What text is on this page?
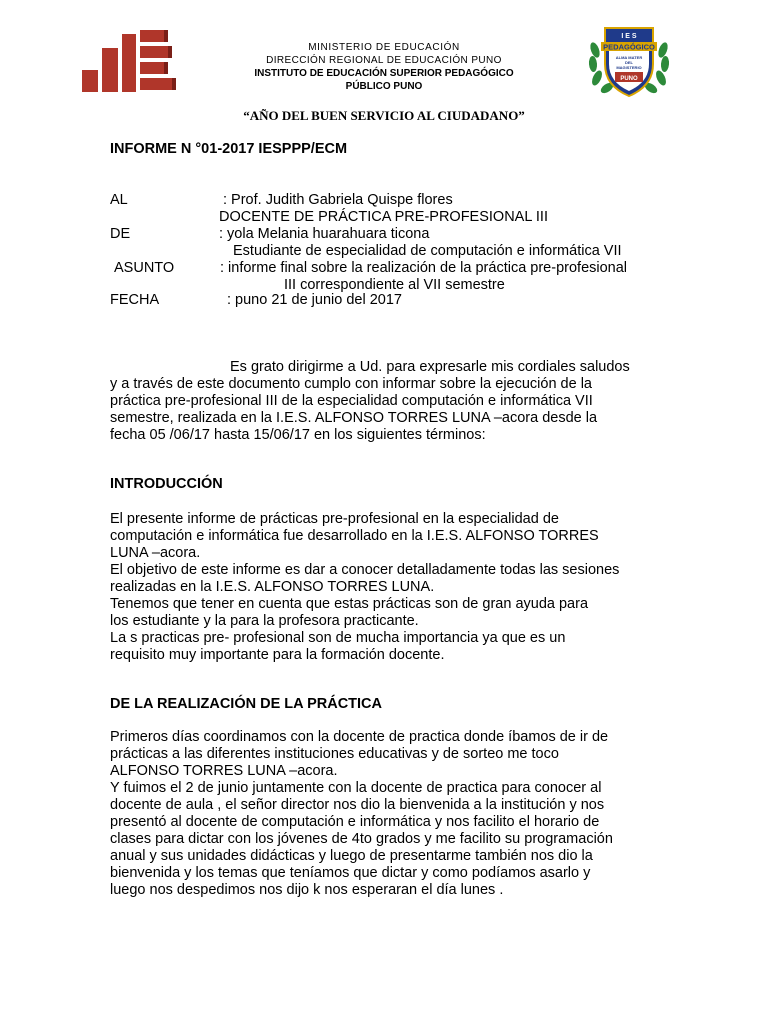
MINISTERIO DE EDUCACIÓN
DIRECCIÓN REGIONAL DE EDUCACIÓN PUNO
INSTITUTO DE EDUCACIÓN SUPERIOR PEDAGÓGICO
PÚBLICO PUNO
I E S
PEDAGÓGICO
ALMA MATER
DEL
MAGISTERIO
PUNO
“AÑO DEL BUEN SERVICIO AL CIUDADANO”
INFORME N °01-2017 IESPPP/ECM
AL	: Prof. Judith Gabriela Quispe flores
DOCENTE DE PRÁCTICA PRE-PROFESIONAL III
DE	: yola Melania huarahuara ticona
Estudiante de especialidad de computación e informática VII
ASUNTO	: informe final sobre la realización de la práctica pre-profesional
III correspondiente al VII semestre
FECHA	: puno 21 de junio del 2017
Es grato dirigirme a Ud. para expresarle mis cordiales saludos
y a través de este documento cumplo con informar sobre la ejecución de la
práctica pre-profesional III de la especialidad computación e informática VII
semestre, realizada en la I.E.S. ALFONSO TORRES LUNA –acora desde la
fecha 05 /06/17 hasta 15/06/17 en los siguientes términos:
INTRODUCCIÓN
El presente informe de prácticas pre-profesional en la especialidad de
computación e informática fue desarrollado en la I.E.S. ALFONSO TORRES
LUNA –acora.
El objetivo de este informe es dar a conocer detalladamente todas las sesiones
realizadas en la I.E.S. ALFONSO TORRES LUNA.
Tenemos que tener en cuenta que estas prácticas son de gran ayuda para
los estudiante y la para la profesora practicante.
La s practicas pre- profesional son de mucha importancia ya que es un
requisito muy importante para la formación docente.
DE LA REALIZACIÓN DE LA PRÁCTICA
Primeros días coordinamos con la docente de practica donde íbamos de ir de
prácticas a las diferentes instituciones educativas y de sorteo me toco
ALFONSO TORRES LUNA –acora.
Y fuimos el 2 de junio juntamente con la docente de practica para conocer al
docente de aula , el señor director nos dio la bienvenida a la institución y nos
presentó al docente de computación e informática y nos facilito el horario de
clases para dictar con los jóvenes de 4to grados y me facilito su programación
anual y sus unidades didácticas y luego de presentarme también nos dio la
bienvenida y los temas que teníamos que dictar y como podíamos asarlo y
luego nos despedimos nos dijo k nos esperaran el día lunes .
